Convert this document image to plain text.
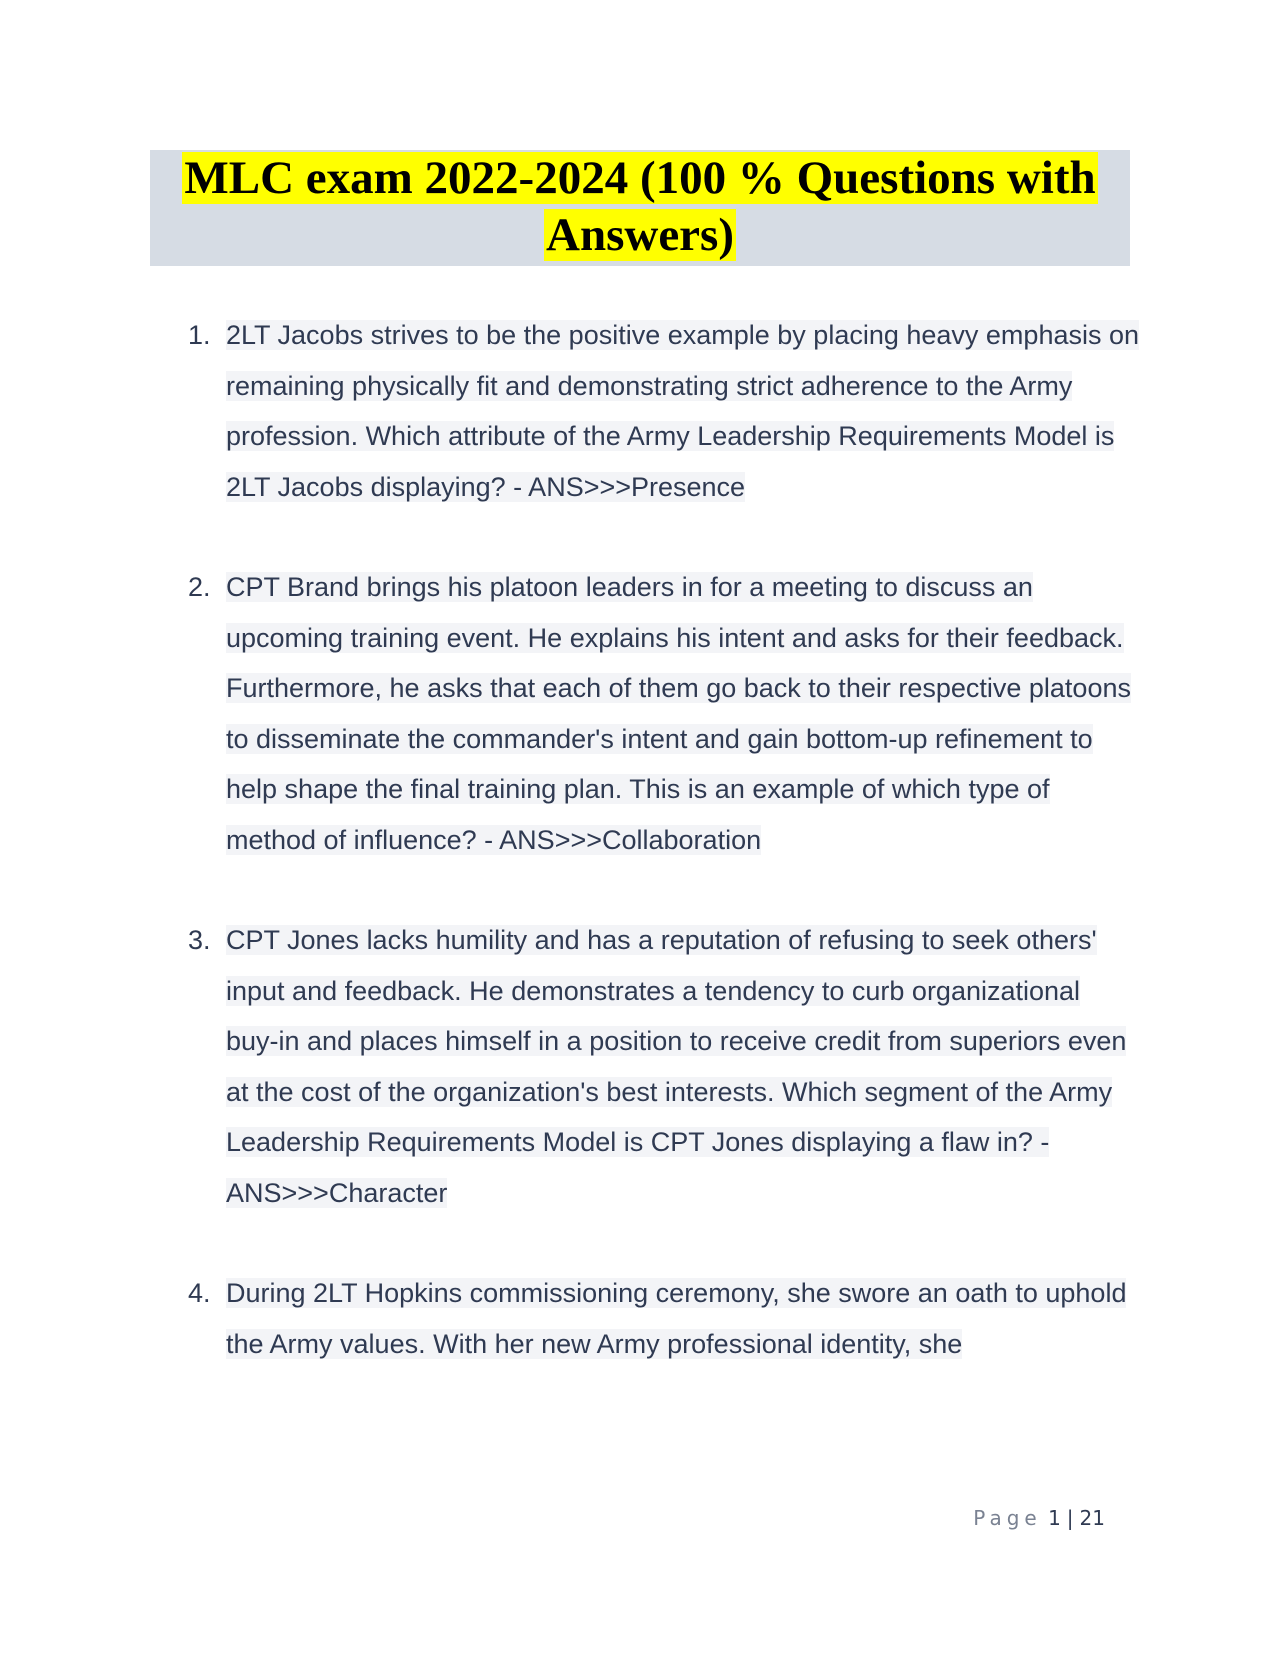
MLC exam 2022-2024 (100 % Questions with
Answers)
1. 2LT Jacobs strives to be the positive example by placing heavy emphasis on remaining physically fit and demonstrating strict adherence to the Army profession. Which attribute of the Army Leadership Requirements Model is 2LT Jacobs displaying? - ANS>>>Presence
2. CPT Brand brings his platoon leaders in for a meeting to discuss an upcoming training event. He explains his intent and asks for their feedback. Furthermore, he asks that each of them go back to their respective platoons to disseminate the commander's intent and gain bottom-up refinement to help shape the final training plan. This is an example of which type of method of influence? - ANS>>>Collaboration
3. CPT Jones lacks humility and has a reputation of refusing to seek others' input and feedback. He demonstrates a tendency to curb organizational buy-in and places himself in a position to receive credit from superiors even at the cost of the organization's best interests. Which segment of the Army Leadership Requirements Model is CPT Jones displaying a flaw in? - ANS>>>Character
4. During 2LT Hopkins commissioning ceremony, she swore an oath to uphold the Army values. With her new Army professional identity, she
Page 1 | 21
